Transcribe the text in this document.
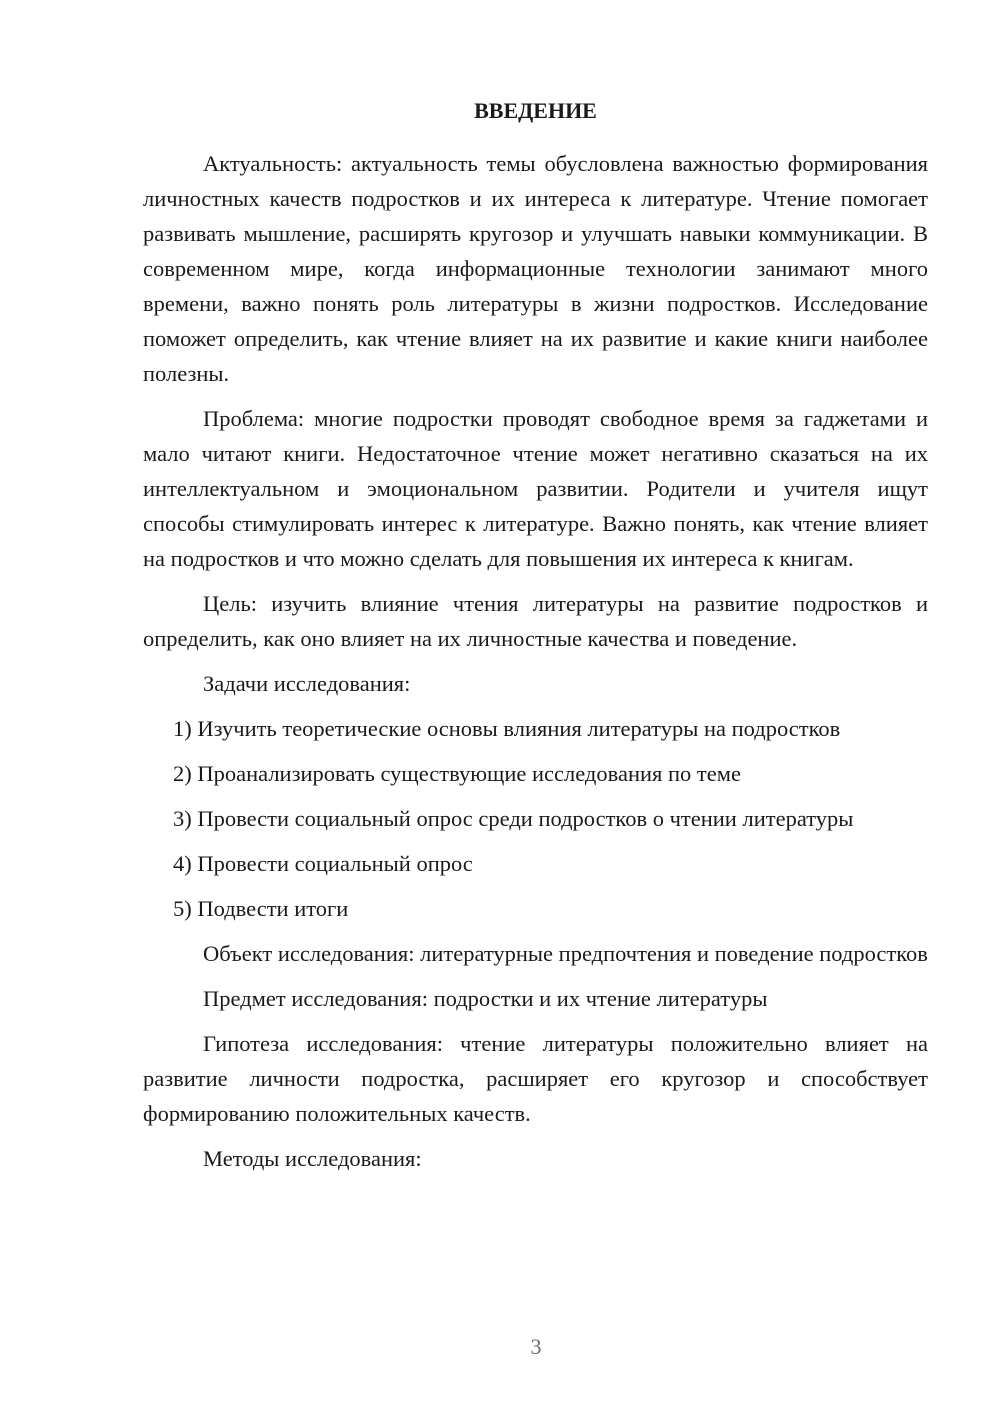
ВВЕДЕНИЕ

Актуальность: актуальность темы обусловлена важностью формирования личностных качеств подростков и их интереса к литературе. Чтение помогает развивать мышление, расширять кругозор и улучшать навыки коммуникации. В современном мире, когда информационные технологии занимают много времени, важно понять роль литературы в жизни подростков. Исследование поможет определить, как чтение влияет на их развитие и какие книги наиболее полезны.

Проблема: многие подростки проводят свободное время за гаджетами и мало читают книги. Недостаточное чтение может негативно сказаться на их интеллектуальном и эмоциональном развитии. Родители и учителя ищут способы стимулировать интерес к литературе. Важно понять, как чтение влияет на подростков и что можно сделать для повышения их интереса к книгам.

Цель: изучить влияние чтения литературы на развитие подростков и определить, как оно влияет на их личностные качества и поведение.

Задачи исследования:
1) Изучить теоретические основы влияния литературы на подростков
2) Проанализировать существующие исследования по теме
3) Провести социальный опрос среди подростков о чтении литературы
4) Провести социальный опрос
5) Подвести итоги

Объект исследования: литературные предпочтения и поведение подростков

Предмет исследования: подростки и их чтение литературы

Гипотеза исследования: чтение литературы положительно влияет на развитие личности подростка, расширяет его кругозор и способствует формированию положительных качеств.

Методы исследования:
3
